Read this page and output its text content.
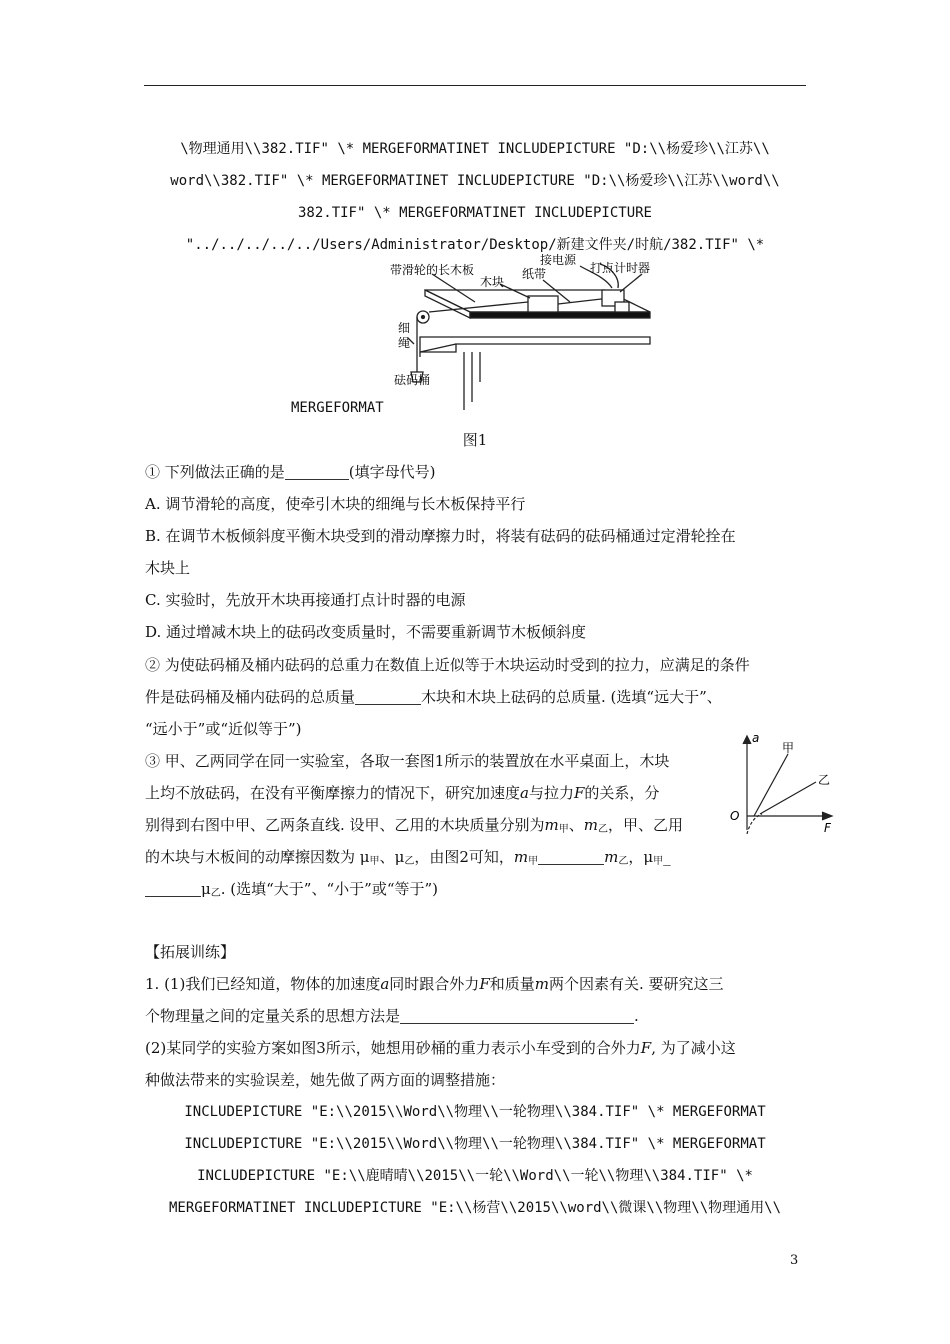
\物理通用\\382.TIF" \* MERGEFORMATINET INCLUDEPICTURE "D:\\杨爱珍\\江苏\\
word\\382.TIF" \* MERGEFORMATINET INCLUDEPICTURE "D:\\杨爱珍\\江苏\\word\\
382.TIF" \* MERGEFORMATINET INCLUDEPICTURE
"../../../../../Users/Administrator/Desktop/新建文件夹/时航/382.TIF" \*
带滑轮的长木板
木块
纸带
接电源
打点计时器
细绳
砝码桶
MERGEFORMAT
图1
① 下列做法正确的是	(填字母代号)
A. 调节滑轮的高度，使牵引木块的细绳与长木板保持平行
B. 在调节木板倾斜度平衡木块受到的滑动摩擦力时，将装有砝码的砝码桶通过定滑轮拴在
木块上
C. 实验时，先放开木块再接通打点计时器的电源
D. 通过增减木块上的砝码改变质量时，不需要重新调节木板倾斜度
② 为使砝码桶及桶内砝码的总重力在数值上近似等于木块运动时受到的拉力，应满足的条件
件是砝码桶及桶内砝码的总质量	木块和木块上砝码的总质量. (选填“远大于”、
“远小于”或“近似等于”)
③ 甲、乙两同学在同一实验室，各取一套图1所示的装置放在水平桌面上，木块
上均不放砝码，在没有平衡摩擦力的情况下，研究加速度a与拉力F的关系，分
别得到右图中甲、乙两条直线. 设甲、乙用的木块质量分别为$m_甲$、$m_乙$，甲、乙用
的木块与木板间的动摩擦因数为 $\mu_甲$、$\mu_乙$，由图2可知，$m_甲$	$m_乙$，$\mu_甲\_$
$\mu_乙$. (选填“大于”、“小于”或“等于”)
a
F
O
甲
乙
【拓展训练】
1. (1)我们已经知道，物体的加速度a同时跟合外力F和质量m两个因素有关. 要研究这三
个物理量之间的定量关系的思想方法是	.
(2)某同学的实验方案如图3所示，她想用砂桶的重力表示小车受到的合外力F, 为了减小这
种做法带来的实验误差，她先做了两方面的调整措施：
INCLUDEPICTURE "E:\\2015\\Word\\物理\\一轮物理\\384.TIF" \* MERGEFORMAT
INCLUDEPICTURE "E:\\2015\\Word\\物理\\一轮物理\\384.TIF" \* MERGEFORMAT
INCLUDEPICTURE "E:\\鹿晴晴\\2015\\一轮\\Word\\一轮\\物理\\384.TIF" \*
MERGEFORMATINET INCLUDEPICTURE "E:\\杨营\\2015\\word\\微课\\物理\\物理通用\\
3
